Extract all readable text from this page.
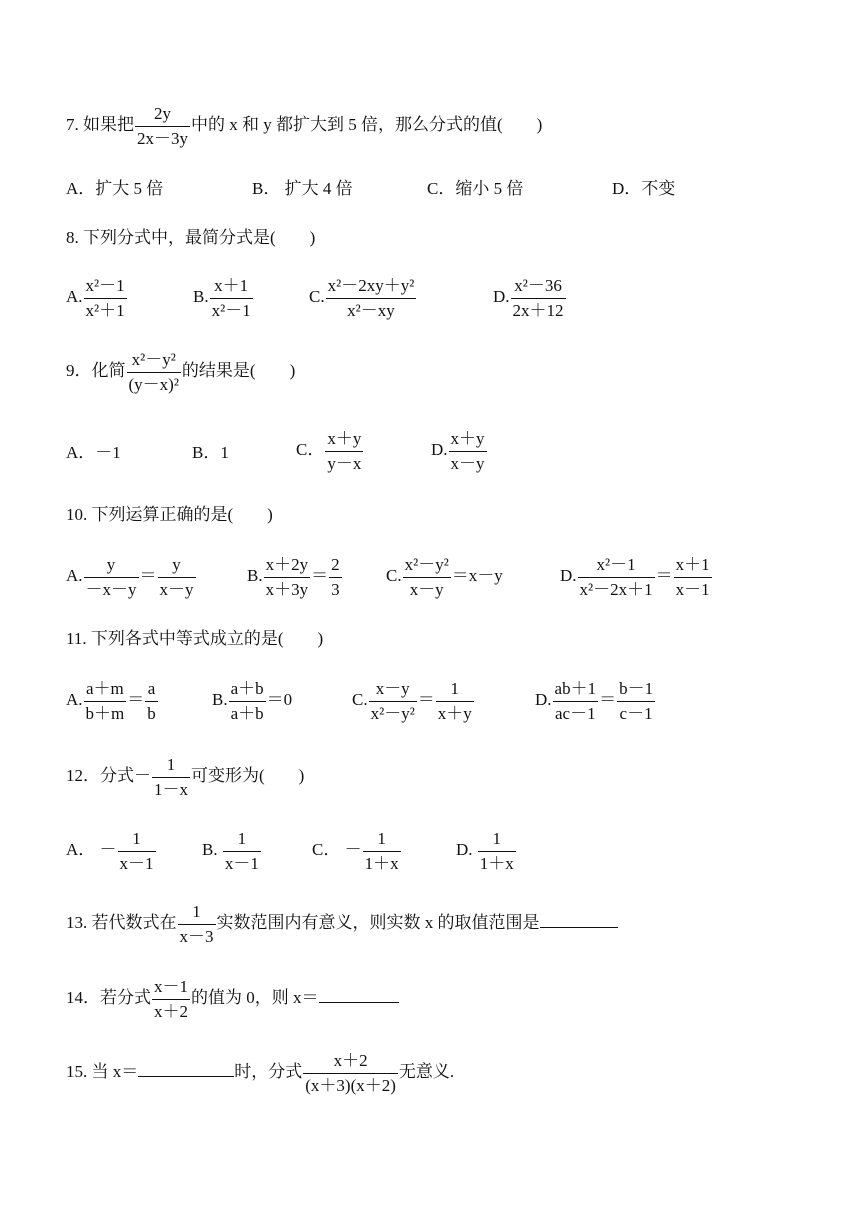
7. 如果把 $\frac{2y}{2x-3y}$ 中的 x 和 y 都扩大到 5 倍，那么分式的值(　　)
A．扩大 5 倍	B． 扩大 4 倍	C．缩小 5 倍	D．不变
8. 下列分式中，最简分式是(　　)
A. $\frac{\text{x²－1}}{\text{x²＋1}}$	B. $\frac{x+1}{\text{x²－1}}$	C. $\frac{\text{x²－2xy＋y²}}{\text{x²－xy}}$	D. $\frac{\text{x²－36}}{2x+12}$
9．化简 $\frac{\text{x²－y²}}{\text{(y－x)²}}$ 的结果是(　　)
A．－1	B．1	C． $\frac{x+y}{y-x}$	D. $\frac{x+y}{x-y}$
10. 下列运算正确的是(　　)
A. $\frac{y}{-x-y} = \frac{y}{x-y}$	B. $\frac{x+2y}{x+3y} = \frac{2}{3}$	C. $\frac{\text{x²－y²}}{x-y} =x-y$	D. $\frac{\text{x²－1}}{\text{x²－2x＋1}} = \frac{x+1}{x-1}$
11. 下列各式中等式成立的是(　　)
A. $\frac{a+m}{b+m} = \frac{a}{b}$	B. $\frac{a+b}{a+b} =0$	C. $\frac{x-y}{\text{x²－y²}} = \frac{1}{x+y}$	D. $\frac{ab+1}{ac-1} = \frac{b-1}{c-1}$
12．分式－ $\frac{1}{1-x}$ 可变形为(　　)
A． － $\frac{1}{x-1}$	B. $\frac{1}{x-1}$	C． － $\frac{1}{1+x}$	D. $\frac{1}{1+x}$
13. 若代数式在 $\frac{1}{x-3}$ 实数范围内有意义，则实数 x 的取值范围是
14．若分式 $\frac{x-1}{x+2}$ 的值为 0，则 x＝
15. 当 x＝	时，分式 $\frac{x+2}{(x+3)(x+2)}$ 无意义.
